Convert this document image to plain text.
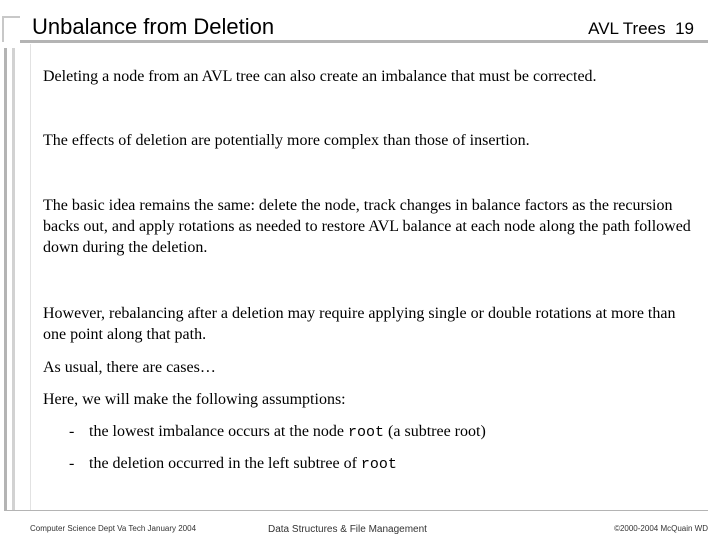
Unbalance from Deletion	AVL Trees 19

Deleting a node from an AVL tree can also create an imbalance that must be corrected.

The effects of deletion are potentially more complex than those of insertion.

The basic idea remains the same: delete the node, track changes in balance factors as the recursion backs out, and apply rotations as needed to restore AVL balance at each node along the path followed down during the deletion.

However, rebalancing after a deletion may require applying single or double rotations at more than one point along that path.

As usual, there are cases…

Here, we will make the following assumptions:

- the lowest imbalance occurs at the node root (a subtree root)
- the deletion occurred in the left subtree of root
Computer Science Dept Va Tech January 2004	Data Structures & File Management	©2000-2004 McQuain WD
